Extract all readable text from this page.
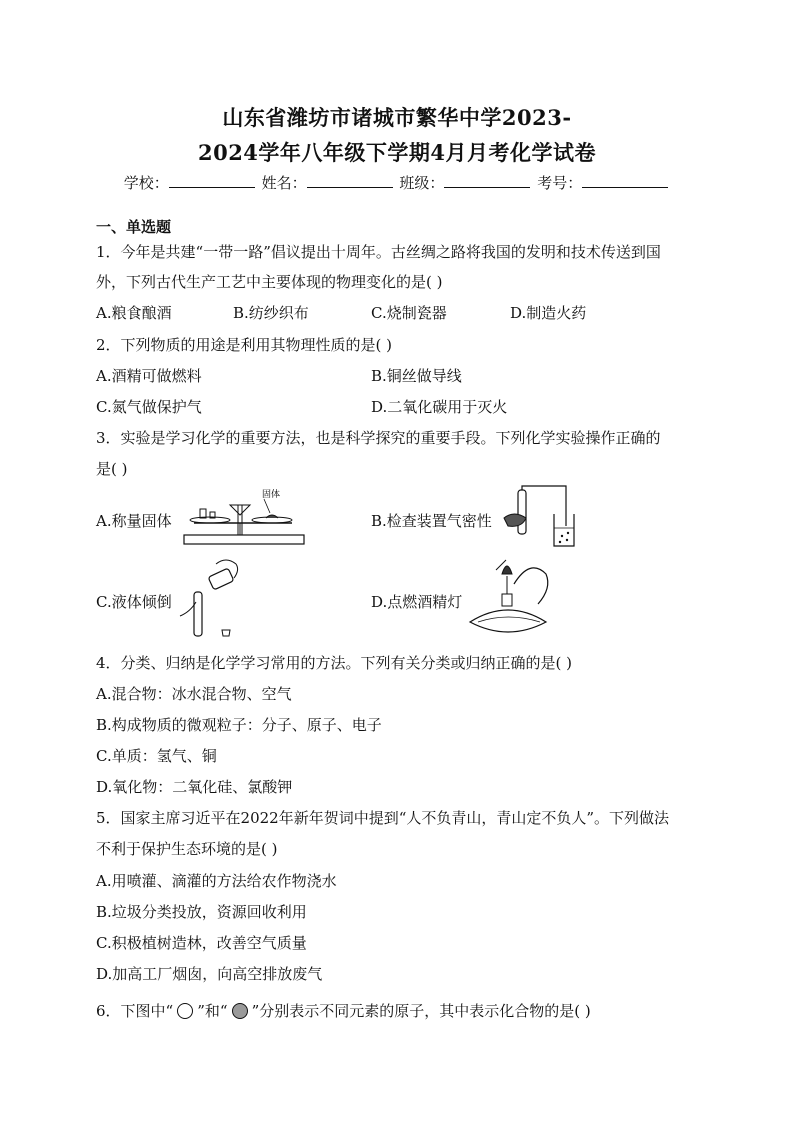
山东省潍坊市诸城市繁华中学2023-
2024学年八年级下学期4月月考化学试卷
学校：	姓名：	班级：	考号：
一、单选题
1．今年是共建“一带一路”倡议提出十周年。古丝绸之路将我国的发明和技术传送到国
外，下列古代生产工艺中主要体现的物理变化的是( )
A.粮食酿酒	B.纺纱织布	C.烧制瓷器	D.制造火药
2．下列物质的用途是利用其物理性质的是( )
A.酒精可做燃料	B.铜丝做导线
C.氮气做保护气	D.二氧化碳用于灭火
3．实验是学习化学的重要方法，也是科学探究的重要手段。下列化学实验操作正确的
是( )
A.称量固体
固体
B.检查装置气密性
C.液体倾倒	D.点燃酒精灯
4．分类、归纳是化学学习常用的方法。下列有关分类或归纳正确的是( )
A.混合物：冰水混合物、空气
B.构成物质的微观粒子：分子、原子、电子
C.单质：氢气、铜
D.氧化物：二氧化硅、氯酸钾
5．国家主席习近平在2022年新年贺词中提到“人不负青山，青山定不负人”。下列做法
不利于保护生态环境的是( )
A.用喷灌、滴灌的方法给农作物浇水
B.垃圾分类投放，资源回收利用
C.积极植树造林，改善空气质量
D.加高工厂烟囱，向高空排放废气
6．下图中“ ”和“ ”分别表示不同元素的原子，其中表示化合物的是( )
